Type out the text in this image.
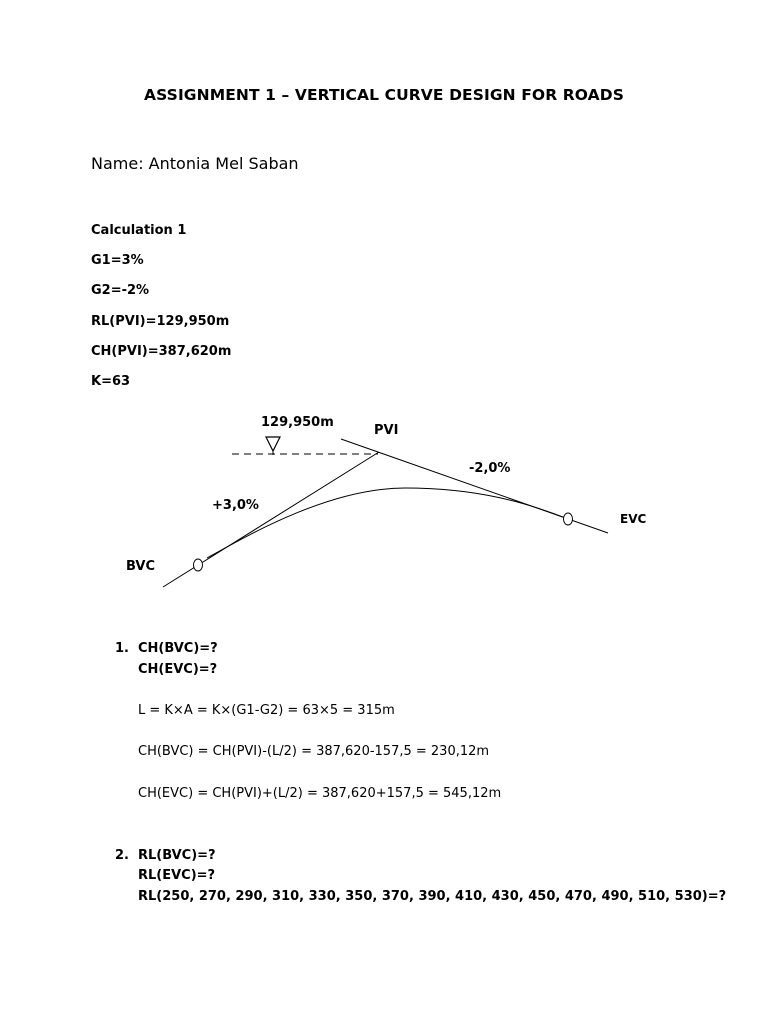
ASSIGNMENT 1 – VERTICAL CURVE DESIGN FOR ROADS
Name: Antonia Mel Saban
Calculation 1
G1=3%
G2=-2%
RL(PVI)=129,950m
CH(PVI)=387,620m
K=63
129,950m
PVI
-2,0%
+3,0%
EVC
BVC
1. CH(BVC)=?
CH(EVC)=?
L = K×A = K×(G1-G2) = 63×5 = 315m
CH(BVC) = CH(PVI)-(L/2) = 387,620-157,5 = 230,12m
CH(EVC) = CH(PVI)+(L/2) = 387,620+157,5 = 545,12m
2. RL(BVC)=?
RL(EVC)=?
RL(250, 270, 290, 310, 330, 350, 370, 390, 410, 430, 450, 470, 490, 510, 530)=?
